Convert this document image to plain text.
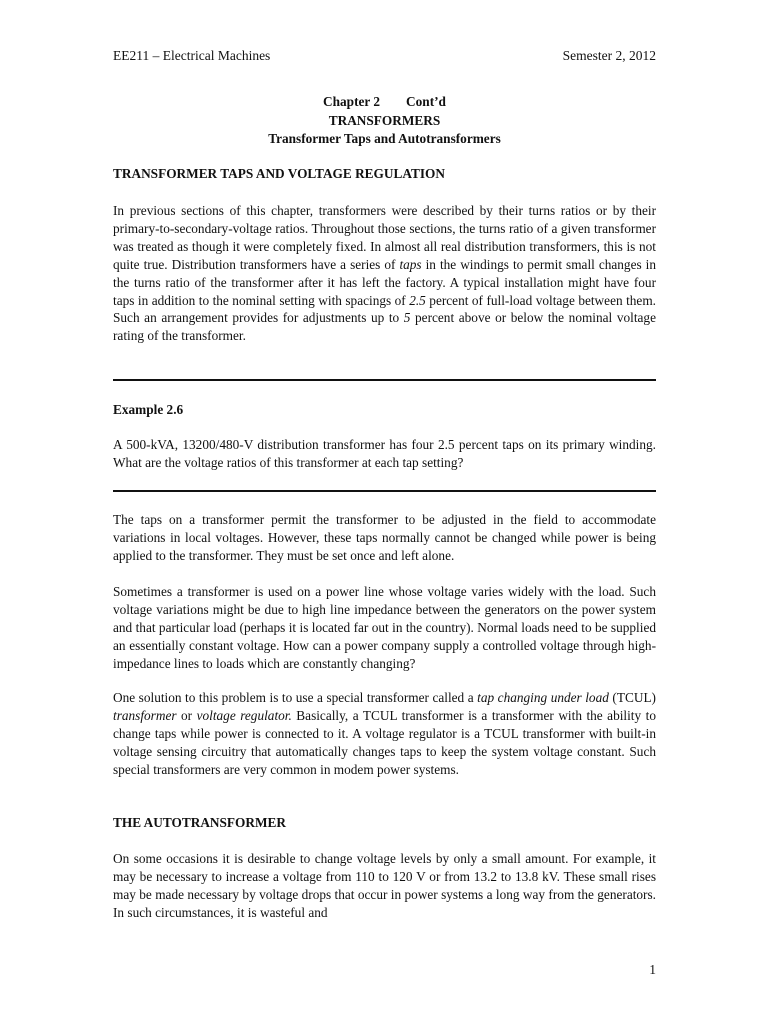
EE211 – Electrical Machines	Semester 2, 2012
Chapter 2 Cont’d
TRANSFORMERS
Transformer Taps and Autotransformers
TRANSFORMER TAPS AND VOLTAGE REGULATION

In previous sections of this chapter, transformers were described by their turns ratios or by their primary-to-secondary-voltage ratios. Throughout those sections, the turns ratio of a given transformer was treated as though it were completely fixed. In almost all real distribution transformers, this is not quite true. Distribution transformers have a series of taps in the windings to permit small changes in the turns ratio of the transformer after it has left the factory. A typical installation might have four taps in addition to the nominal setting with spacings of 2.5 percent of full-load voltage between them. Such an arrangement provides for adjustments up to 5 percent above or below the nominal voltage rating of the transformer.

Example 2.6

A 500-kVA, 13200/480-V distribution transformer has four 2.5 percent taps on its primary winding. What are the voltage ratios of this transformer at each tap setting?

The taps on a transformer permit the transformer to be adjusted in the field to accommodate variations in local voltages. However, these taps normally cannot be changed while power is being applied to the transformer. They must be set once and left alone.

Sometimes a transformer is used on a power line whose voltage varies widely with the load. Such voltage variations might be due to high line impedance between the generators on the power system and that particular load (perhaps it is located far out in the country). Normal loads need to be supplied an essentially constant voltage. How can a power company supply a controlled voltage through high-impedance lines to loads which are constantly changing?

One solution to this problem is to use a special transformer called a tap changing under load (TCUL) transformer or voltage regulator. Basically, a TCUL transformer is a transformer with the ability to change taps while power is connected to it. A voltage regulator is a TCUL transformer with built-in voltage sensing circuitry that automatically changes taps to keep the system voltage constant. Such special transformers are very common in modem power systems.

THE AUTOTRANSFORMER

On some occasions it is desirable to change voltage levels by only a small amount. For example, it may be necessary to increase a voltage from 110 to 120 V or from 13.2 to 13.8 kV. These small rises may be made necessary by voltage drops that occur in power systems a long way from the generators. In such circumstances, it is wasteful and

1
